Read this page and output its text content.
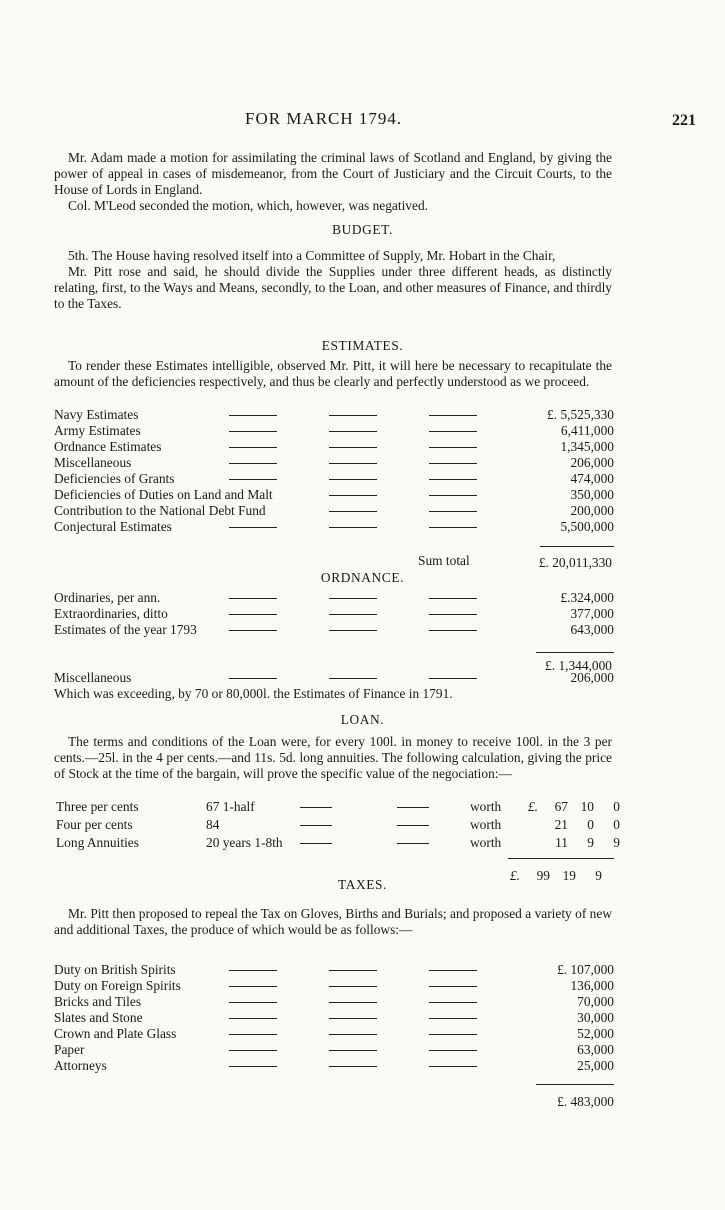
FOR MARCH 1794.	221

Mr. Adam made a motion for assimilating the criminal laws of Scotland and England, by giving the power of appeal in cases of misdemeanor, from the Court of Justiciary and the Circuit Courts, to the House of Lords in England.

Col. M'Leod seconded the motion, which, however, was negatived.

BUDGET.

5th. The House having resolved itself into a Committee of Supply, Mr. Hobart in the Chair,

Mr. Pitt rose and said, he should divide the Supplies under three different heads, as distinctly relating, first, to the Ways and Means, secondly, to the Loan, and other measures of Finance, and thirdly to the Taxes.

ESTIMATES.

To render these Estimates intelligible, observed Mr. Pitt, it will here be necessary to recapitulate the amount of the deficiencies respectively, and thus be clearly and perfectly understood as we proceed.

Navy Estimates				£. 5,525,330
Army Estimates				6,411,000
Ordnance Estimates				1,345,000
Miscellaneous				206,000
Deficiencies of Grants				474,000
Deficiencies of Duties on Land and Malt				350,000
Contribution to the National Debt Fund				200,000
Conjectural Estimates				5,500,000
Sum total	£. 20,011,330
ORDNANCE.
Ordinaries, per ann.				£.324,000
Extraordinaries, ditto				377,000
Estimates of the year 1793				643,000
£. 1,344,000
Miscellaneous				206,000

Which was exceeding, by 70 or 80,000l. the Estimates of Finance in 1791.

LOAN.

The terms and conditions of the Loan were, for every 100l. in money to receive 100l. in the 3 per cents.—25l. in the 4 per cents.—and 11s. 5d. long annuities. The following calculation, giving the price of Stock at the time of the bargain, will prove the specific value of the negociation:—

Three per cents	67 1-half			worth	£.	67	10	0
Four per cents	84			worth		21	0	0
Long Annuities	20 years 1-8th			worth		11	9	9
£.	99	19	9
TAXES.

Mr. Pitt then proposed to repeal the Tax on Gloves, Births and Burials; and proposed a variety of new and additional Taxes, the produce of which would be as follows:—

Duty on British Spirits				£. 107,000
Duty on Foreign Spirits				136,000
Bricks and Tiles				70,000
Slates and Stone				30,000
Crown and Plate Glass				52,000
Paper				63,000
Attorneys				25,000
£. 483,000
